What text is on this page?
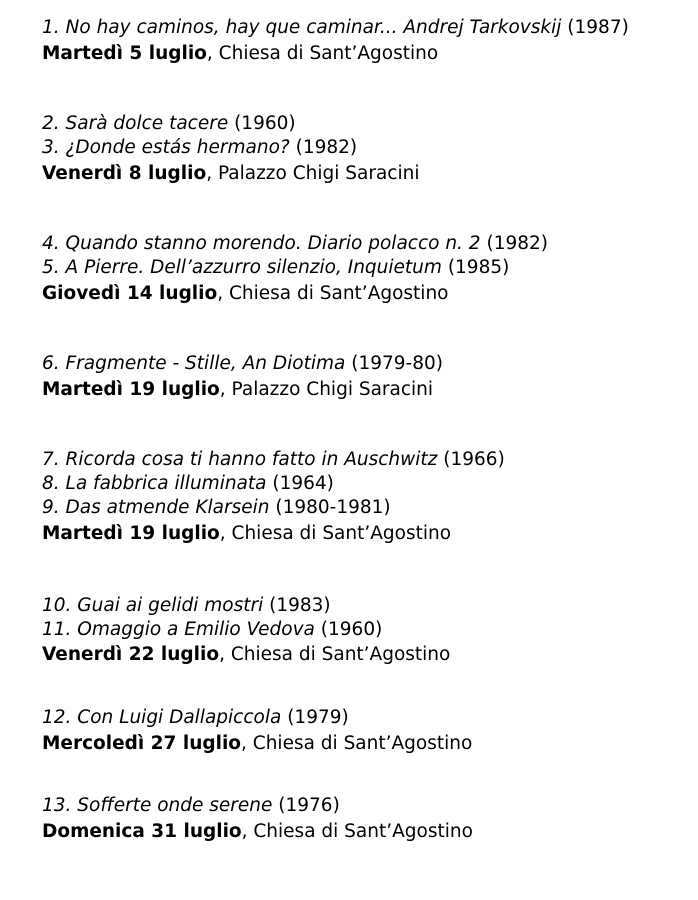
1. No hay caminos, hay que caminar... Andrej Tarkovskij (1987)
Martedì 5 luglio, Chiesa di Sant’Agostino
2. Sarà dolce tacere (1960)
3. ¿Donde estás hermano? (1982)
Venerdì 8 luglio, Palazzo Chigi Saracini
4. Quando stanno morendo. Diario polacco n. 2 (1982)
5. A Pierre. Dell’azzurro silenzio, Inquietum (1985)
Giovedì 14 luglio, Chiesa di Sant’Agostino
6. Fragmente - Stille, An Diotima (1979-80)
Martedì 19 luglio, Palazzo Chigi Saracini
7. Ricorda cosa ti hanno fatto in Auschwitz (1966)
8. La fabbrica illuminata (1964)
9. Das atmende Klarsein (1980-1981)
Martedì 19 luglio, Chiesa di Sant’Agostino
10. Guai ai gelidi mostri (1983)
11. Omaggio a Emilio Vedova (1960)
Venerdì 22 luglio, Chiesa di Sant’Agostino
12. Con Luigi Dallapiccola (1979)
Mercoledì 27 luglio, Chiesa di Sant’Agostino
13. Sofferte onde serene (1976)
Domenica 31 luglio, Chiesa di Sant’Agostino
